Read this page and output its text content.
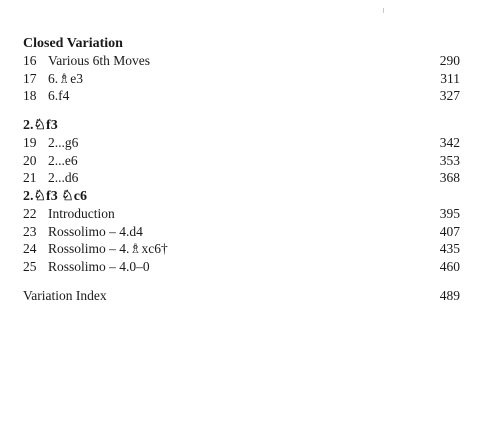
Closed Variation
16 Various 6th Moves	290
17 6.♗e3	311
18 6.f4	327
2.♘f3
19 2...g6	342
20 2...e6	353
21 2...d6	368
2.♘f3 ♘c6
22 Introduction	395
23 Rossolimo – 4.d4	407
24 Rossolimo – 4.♗xc6†	435
25 Rossolimo – 4.0–0	460
Variation Index	489
